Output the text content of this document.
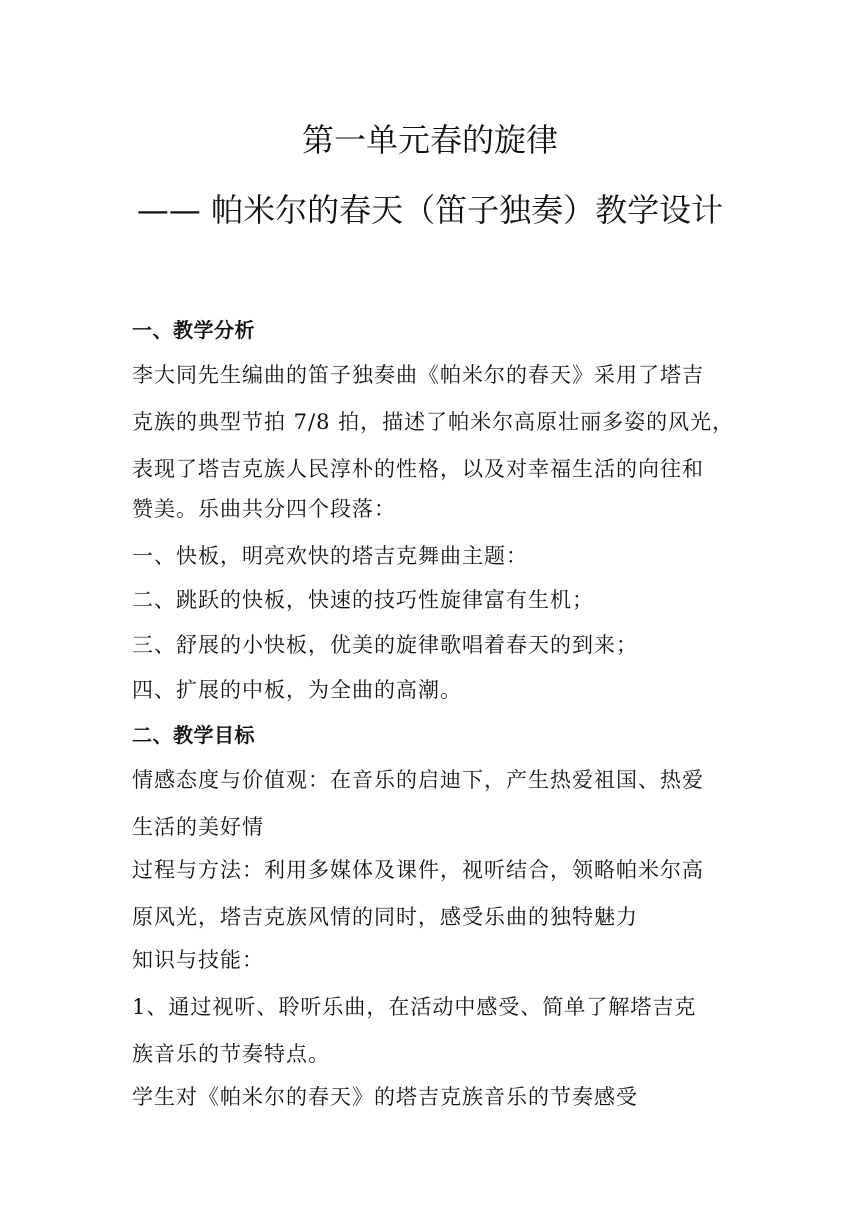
第一单元春的旋律
—— 帕米尔的春天（笛子独奏）教学设计

一、教学分析

李大同先生编曲的笛子独奏曲《帕米尔的春天》采用了塔吉

克族的典型节拍 7/8 拍，描述了帕米尔高原壮丽多姿的风光，

表现了塔吉克族人民淳朴的性格，以及对幸福生活的向往和

赞美。乐曲共分四个段落：

一、快板，明亮欢快的塔吉克舞曲主题：

二、跳跃的快板，快速的技巧性旋律富有生机；

三、舒展的小快板，优美的旋律歌唱着春天的到来；

四、扩展的中板，为全曲的高潮。

二、教学目标

情感态度与价值观：在音乐的启迪下，产生热爱祖国、热爱

生活的美好情

过程与方法：利用多媒体及课件，视听结合，领略帕米尔高

原风光，塔吉克族风情的同时，感受乐曲的独特魅力

知识与技能：

1、通过视听、聆听乐曲，在活动中感受、简单了解塔吉克

族音乐的节奏特点。

学生对《帕米尔的春天》的塔吉克族音乐的节奏感受
